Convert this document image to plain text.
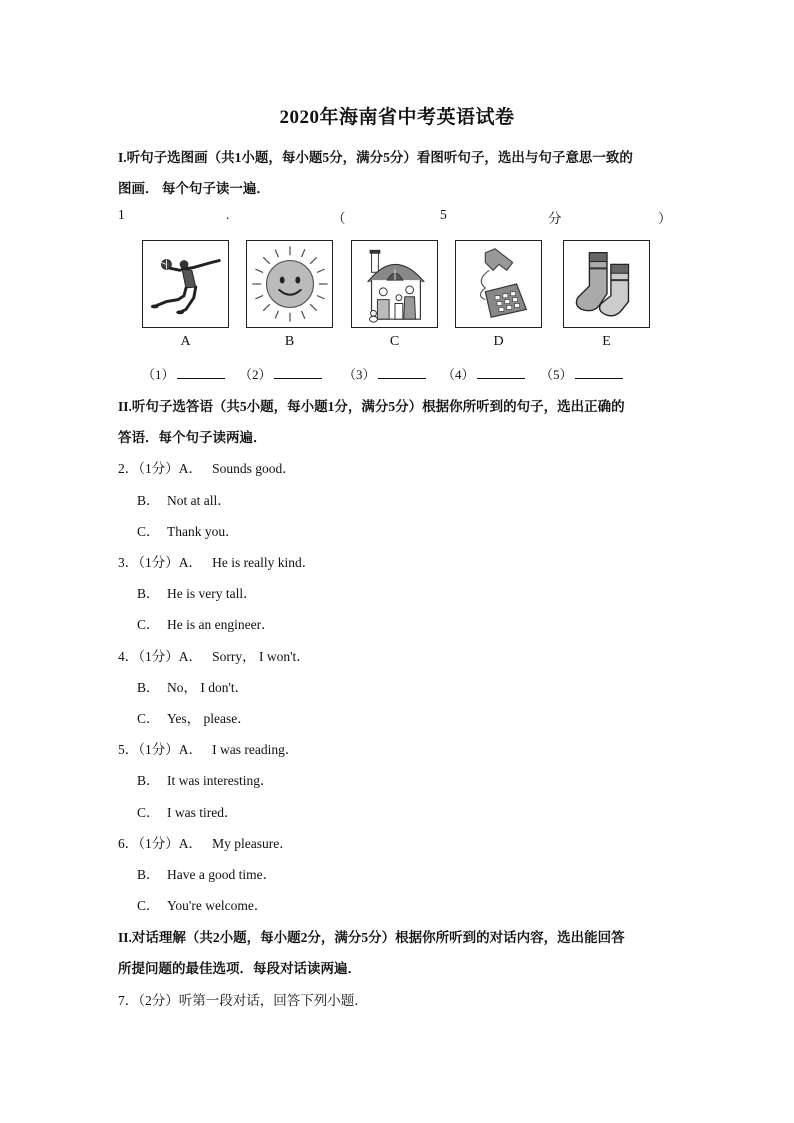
2020年海南省中考英语试卷
I.听句子选图画（共1小题，每小题5分，满分5分）看图听句子，选出与句子意思一致的
图画． 每个句子读一遍．
1	.	（	5	分	）
A	B	C	D	E
（1）	（2）	（3）	（4）	（5）
II.听句子选答语（共5小题，每小题1分，满分5分）根据你所听到的句子，选出正确的
答语．每个句子读两遍．
2．（1分）A． Sounds good．
B． Not at all．
C． Thank you．
3．（1分）A． He is really kind．
B． He is very tall．
C． He is an engineer．
4．（1分）A． Sorry， I won't．
B． No， I don't．
C． Yes， please．
5．（1分）A． I was reading．
B． It was interesting．
C． I was tired．
6．（1分）A． My pleasure．
B． Have a good time．
C． You're welcome．
II.对话理解（共2小题，每小题2分，满分5分）根据你所听到的对话内容，选出能回答
所提问题的最佳选项．每段对话读两遍．
7．（2分）听第一段对话，回答下列小题．
